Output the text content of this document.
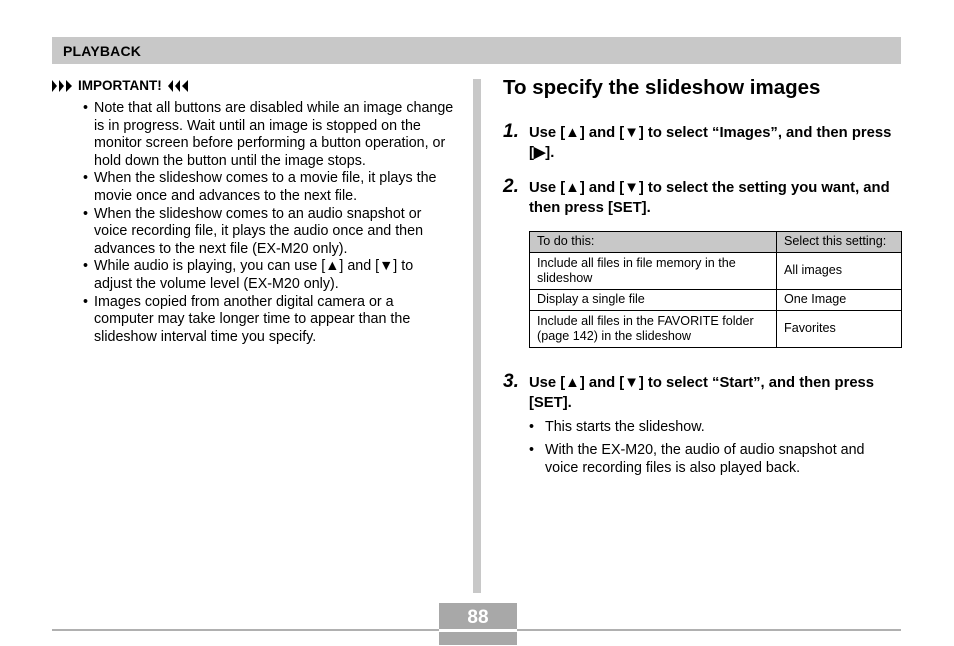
PLAYBACK
IMPORTANT!
• Note that all buttons are disabled while an image change is in progress. Wait until an image is stopped on the monitor screen before performing a button operation, or hold down the button until the image stops.
• When the slideshow comes to a movie file, it plays the movie once and advances to the next file.
• When the slideshow comes to an audio snapshot or voice recording file, it plays the audio once and then advances to the next file (EX-M20 only).
• While audio is playing, you can use [▲] and [▼] to adjust the volume level (EX-M20 only).
• Images copied from another digital camera or a computer may take longer time to appear than the slideshow interval time you specify.
To specify the slideshow images
1. Use [▲] and [▼] to select “Images”, and then press [▶].
2. Use [▲] and [▼] to select the setting you want, and then press [SET].
To do this:	Select this setting:
Include all files in file memory in the slideshow	All images
Display a single file	One Image
Include all files in the FAVORITE folder (page 142) in the slideshow	Favorites
3. Use [▲] and [▼] to select “Start”, and then press [SET].
• This starts the slideshow.
• With the EX-M20, the audio of audio snapshot and voice recording files is also played back.
88
